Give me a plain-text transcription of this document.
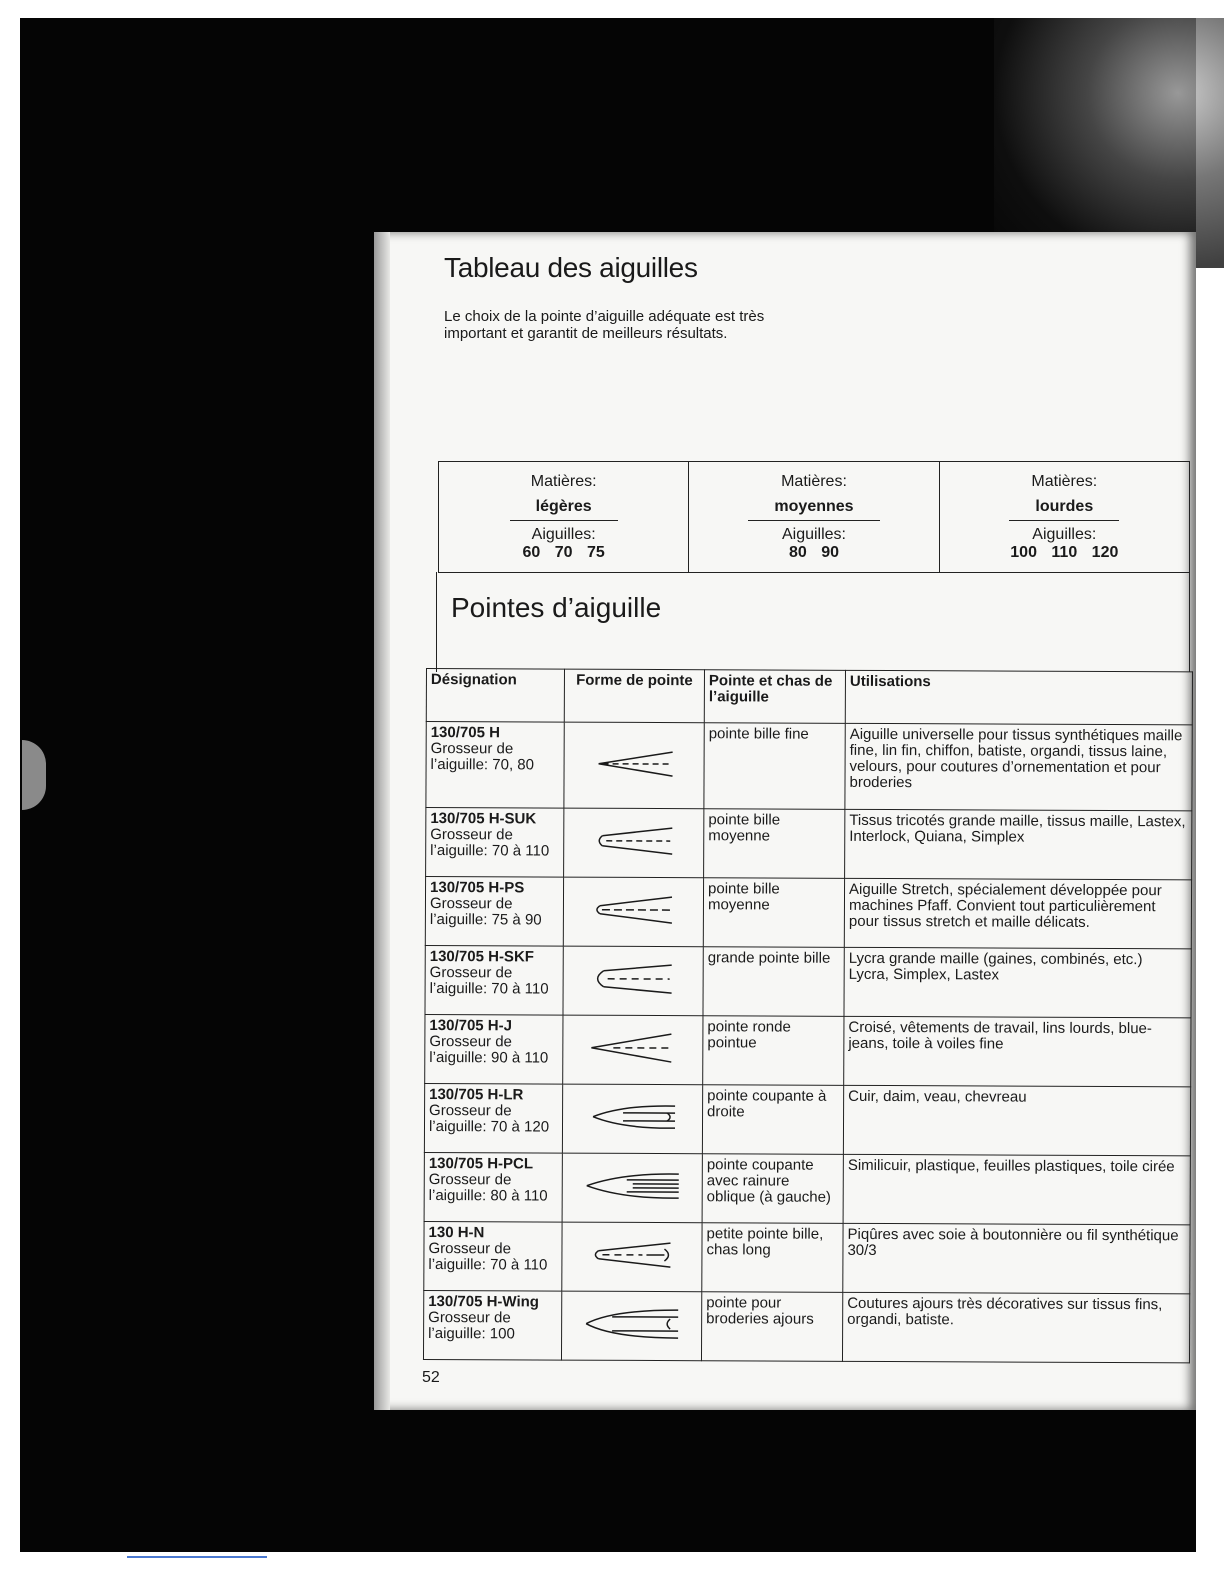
Tableau des aiguilles

Le choix de la pointe d’aiguille adéquate est très important et garantit de meilleurs résultats.

Matières:
légères
Aiguilles:
60 70 75
Matières:
moyennes
Aiguilles:
80 90
Matières:
lourdes
Aiguilles:
100 110 120
Pointes d’aiguille
Désignation	Forme de pointe	Pointe et chas de l’aiguille	Utilisations

130/705 H
Grosseur de l’aiguille: 70, 80		pointe bille fine	Aiguille universelle pour tissus synthétiques maille fine, lin fin, chiffon, batiste, organdi, tissus laine, velours, pour coutures d’ornementation et pour broderies

130/705 H-SUK
Grosseur de l’aiguille: 70 à 110		pointe bille moyenne	Tissus tricotés grande maille, tissus maille, Lastex, Interlock, Quiana, Simplex

130/705 H-PS
Grosseur de l’aiguille: 75 à 90		pointe bille moyenne	Aiguille Stretch, spécialement développée pour machines Pfaff. Convient tout particulièrement pour tissus stretch et maille délicats.

130/705 H-SKF
Grosseur de l’aiguille: 70 à 110		grande pointe bille	Lycra grande maille (gaines, combinés, etc.) Lycra, Simplex, Lastex

130/705 H-J
Grosseur de l’aiguille: 90 à 110		pointe ronde pointue	Croisé, vêtements de travail, lins lourds, blue-jeans, toile à voiles fine

130/705 H-LR
Grosseur de l’aiguille: 70 à 120		pointe coupante à droite	Cuir, daim, veau, chevreau

130/705 H-PCL
Grosseur de l’aiguille: 80 à 110		pointe coupante avec rainure oblique (à gauche)	Similicuir, plastique, feuilles plastiques, toile cirée

130 H-N
Grosseur de l’aiguille: 70 à 110		petite pointe bille, chas long	Piqûres avec soie à boutonnière ou fil synthétique 30/3

130/705 H-Wing
Grosseur de l’aiguille: 100		pointe pour broderies ajours	Coutures ajours très décoratives sur tissus fins, organdi, batiste.

52
